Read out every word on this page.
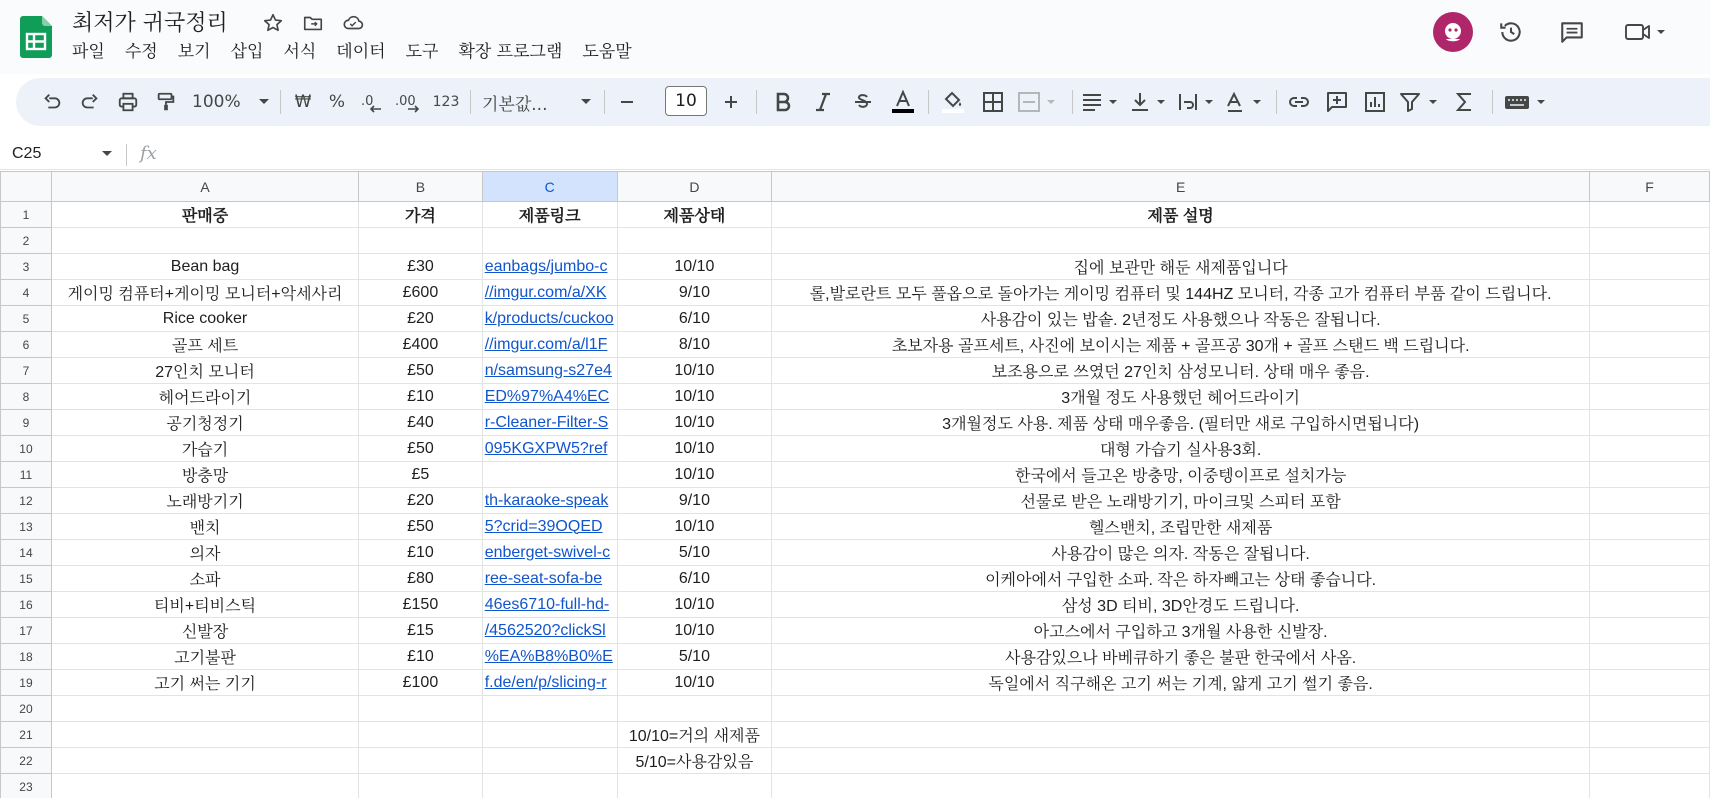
최저가 귀국정리
파일 수정 보기 삽입 서식 데이터 도구 확장 프로그램 도움말
100%	₩ % .0 .00 123 기본값...	10
C25	fx
	A	B	C	D	E	F
1	판매중	가격	제품링크	제품상태	제품 설명	
2						
3	Bean bag	£30	eanbags/jumbo-c	10/10	집에 보관만 해둔 새제품입니다	
4	게이밍 컴퓨터+게이밍 모니터+악세사리	£600	//imgur.com/a/XK	9/10	롤,발로란트 모두 풀옵으로 돌아가는 게이밍 컴퓨터 및 144HZ 모니터, 각종 고가 컴퓨터 부품 같이 드립니다.	
5	Rice cooker	£20	k/products/cuckoo	6/10	사용감이 있는 밥솥. 2년정도 사용했으나 작동은 잘됩니다.	
6	골프 세트	£400	//imgur.com/a/l1F	8/10	초보자용 골프세트, 사진에 보이시는 제품 + 골프공 30개 + 골프 스탠드 백 드립니다.	
7	27인치 모니터	£50	n/samsung-s27e4	10/10	보조용으로 쓰였던 27인치 삼성모니터. 상태 매우 좋음.	
8	헤어드라이기	£10	ED%97%A4%EC	10/10	3개월 정도 사용했던 헤어드라이기	
9	공기청정기	£40	r-Cleaner-Filter-S	10/10	3개월정도 사용. 제품 상태 매우좋음. (필터만 새로 구입하시면됩니다)	
10	가습기	£50	095KGXPW5?ref	10/10	대형 가습기 실사용3회.	
11	방충망	£5		10/10	한국에서 들고온 방충망, 이중텡이프로 설치가능	
12	노래방기기	£20	th-karaoke-speak	9/10	선물로 받은 노래방기기, 마이크및 스피터 포함	
13	밴치	£50	5?crid=39OQED	10/10	헬스밴치, 조립만한 새제품	
14	의자	£10	enberget-swivel-c	5/10	사용감이 많은 의자. 작동은 잘됩니다.	
15	소파	£80	ree-seat-sofa-be	6/10	이케아에서 구입한 소파. 작은 하자빼고는 상태 좋습니다.	
16	티비+티비스틱	£150	46es6710-full-hd-	10/10	삼성 3D 티비, 3D안경도 드립니다.	
17	신발장	£15	/4562520?clickSl	10/10	아고스에서 구입하고 3개월 사용한 신발장.	
18	고기불판	£10	%EA%B8%B0%E	5/10	사용감있으나 바베큐하기 좋은 불판 한국에서 사옴.	
19	고기 써는 기기	£100	f.de/en/p/slicing-r	10/10	독일에서 직구해온 고기 써는 기계, 얇게 고기 썰기 좋음.	
20						
21				10/10=거의 새제품		
22				5/10=사용감있음		
23						
